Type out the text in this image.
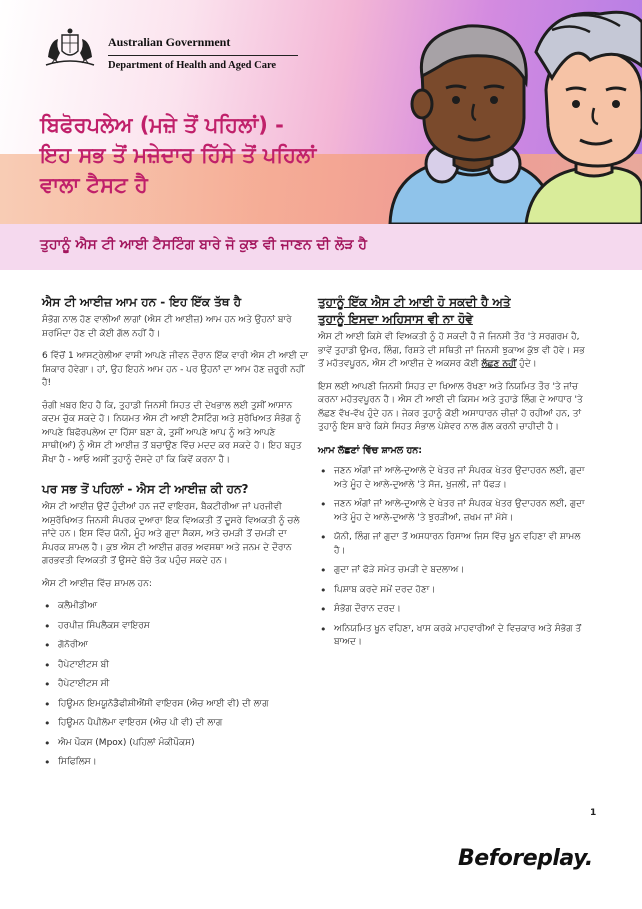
Australian Government
Department of Health and Aged Care
ਬਿਫੋਰਪਲੇਅ (ਮਜ਼ੇ ਤੋਂ ਪਹਿਲਾਂ) -
ਇਹ ਸਭ ਤੋਂ ਮਜ਼ੇਦਾਰ ਹਿੱਸੇ ਤੋਂ ਪਹਿਲਾਂ
ਵਾਲਾ ਟੈਸਟ ਹੈ
ਤੁਹਾਨੂੰ ਐਸ ਟੀ ਆਈ ਟੈਸਟਿੰਗ ਬਾਰੇ ਜੋ ਕੁਝ ਵੀ ਜਾਣਨ ਦੀ ਲੋੜ ਹੈ
ਐਸ ਟੀ ਆਈਜ਼ ਆਮ ਹਨ - ਇਹ ਇੱਕ ਤੱਥ ਹੈ
ਸੰਭੋਗ ਨਾਲ ਹੋਣ ਵਾਲੀਆਂ ਲਾਗਾਂ (ਐਸ ਟੀ ਆਈਜ਼) ਆਮ ਹਨ ਅਤੇ ਉਹਨਾਂ ਬਾਰੇ ਸ਼ਰਮਿੰਦਾ ਹੋਣ ਦੀ ਕੋਈ ਗੱਲ ਨਹੀਂ ਹੈ।
6 ਵਿੱਚੋਂ 1 ਆਸਟ੍ਰੇਲੀਆ ਵਾਸੀ ਆਪਣੇ ਜੀਵਨ ਦੌਰਾਨ ਇੱਕ ਵਾਰੀ ਐਸ ਟੀ ਆਈ ਦਾ ਸ਼ਿਕਾਰ ਹੋਵੇਗਾ। ਹਾਂ, ਉਹ ਇਹਨੇ ਆਮ ਹਨ - ਪਰ ਉਹਨਾਂ ਦਾ ਆਮ ਹੋਣ ਜ਼ਰੂਰੀ ਨਹੀਂ ਹੈ!
ਚੰਗੀ ਖ਼ਬਰ ਇਹ ਹੈ ਕਿ, ਤੁਹਾਡੀ ਜਿਨਸੀ ਸਿਹਤ ਦੀ ਦੇਖਭਾਲ ਲਈ ਤੁਸੀਂ ਆਸਾਨ ਕਦਮ ਚੁੱਕ ਸਕਦੇ ਹੋ। ਨਿਯਮਤ ਐਸ ਟੀ ਆਈ ਟੈਸਟਿੰਗ ਅਤੇ ਸੁਰੱਖਿਅਤ ਸੰਭੋਗ ਨੂੰ ਆਪਣੇ ਬਿਫੋਰਪਲੇਅ ਦਾ ਹਿੱਸਾ ਬਣਾ ਕੇ, ਤੁਸੀਂ ਆਪਣੇ ਆਪ ਨੂੰ ਅਤੇ ਆਪਣੇ ਸਾਥੀ(ਆਂ) ਨੂੰ ਐਸ ਟੀ ਆਈਜ਼ ਤੋਂ ਬਚਾਉਣ ਵਿੱਚ ਮਦਦ ਕਰ ਸਕਦੇ ਹੋ। ਇਹ ਬਹੁਤ ਸੌਖਾ ਹੈ - ਆਓ ਅਸੀਂ ਤੁਹਾਨੂੰ ਦੱਸਦੇ ਹਾਂ ਕਿ ਕਿਵੇਂ ਕਰਨਾ ਹੈ।
ਪਰ ਸਭ ਤੋਂ ਪਹਿਲਾਂ - ਐਸ ਟੀ ਆਈਜ਼ ਕੀ ਹਨ?
ਐਸ ਟੀ ਆਈਜ਼ ਉਦੋਂ ਹੁੰਦੀਆਂ ਹਨ ਜਦੋਂ ਵਾਇਰਸ, ਬੈਕਟੀਰੀਆ ਜਾਂ ਪਰਜੀਵੀ ਅਸੁਰੱਖਿਅਤ ਜਿਨਸੀ ਸੰਪਰਕ ਦੁਆਰਾ ਇਕ ਵਿਅਕਤੀ ਤੋਂ ਦੂਸਰੇ ਵਿਅਕਤੀ ਨੂੰ ਚਲੇ ਜਾਂਦੇ ਹਨ। ਇਸ ਵਿੱਚ ਯੋਨੀ, ਮੂੰਹ ਅਤੇ ਗੁਦਾ ਸੈਕਸ, ਅਤੇ ਚਮੜੀ ਤੋਂ ਚਮੜੀ ਦਾ ਸੰਪਰਕ ਸ਼ਾਮਲ ਹੈ। ਕੁਝ ਐਸ ਟੀ ਆਈਜ਼ ਗਰਭ ਅਵਸਥਾ ਅਤੇ ਜਨਮ ਦੇ ਦੌਰਾਨ ਗਰਭਵਤੀ ਵਿਅਕਤੀ ਤੋਂ ਉਸਦੇ ਬੱਚੇ ਤੱਕ ਪਹੁੰਚ ਸਕਦੇ ਹਨ।
ਐਸ ਟੀ ਆਈਜ਼ ਵਿੱਚ ਸ਼ਾਮਲ ਹਨ:
• ਕਲੈਮੀਡੀਆ
• ਹਰਪੀਜ਼ ਸਿੰਪਲੈਕਸ ਵਾਇਰਸ
• ਗੋਨੋਰੀਆ
• ਹੈਪੇਟਾਈਟਸ ਬੀ
• ਹੈਪੇਟਾਈਟਸ ਸੀ
• ਹਿਊਮਨ ਇਮਯੂਨੋਡੈਫੀਸ਼ੀਐਂਸੀ ਵਾਇਰਸ (ਐਚ ਆਈ ਵੀ) ਦੀ ਲਾਗ
• ਹਿਊਮਨ ਪੈਪੀਲੋਮਾ ਵਾਇਰਸ (ਐਚ ਪੀ ਵੀ) ਦੀ ਲਾਗ
• ਐਮ ਪੌਕਸ (Mpox) (ਪਹਿਲਾਂ ਮੰਕੀਪੌਕਸ)
• ਸਿਫਿਲਿਸ।
ਤੁਹਾਨੂੰ ਇੱਕ ਐਸ ਟੀ ਆਈ ਹੋ ਸਕਦੀ ਹੈ ਅਤੇ
ਤੁਹਾਨੂੰ ਇਸਦਾ ਅਹਿਸਾਸ ਵੀ ਨਾ ਹੋਵੇ
ਐਸ ਟੀ ਆਈ ਕਿਸੇ ਵੀ ਵਿਅਕਤੀ ਨੂੰ ਹੋ ਸਕਦੀ ਹੈ ਜੋ ਜਿਨਸੀ ਤੌਰ 'ਤੇ ਸਰਗਰਮ ਹੈ, ਭਾਵੇਂ ਤੁਹਾਡੀ ਉਮਰ, ਲਿੰਗ, ਰਿਸ਼ਤੇ ਦੀ ਸਥਿਤੀ ਜਾਂ ਜਿਨਸੀ ਝੁਕਾਅ ਕੁੱਝ ਵੀ ਹੋਵੇ। ਸਭ ਤੋਂ ਮਹੱਤਵਪੂਰਨ, ਐਸ ਟੀ ਆਈਜ਼ ਦੇ ਅਕਸਰ ਕੋਈ ਲੱਛਣ ਨਹੀਂ ਹੁੰਦੇ।
ਇਸ ਲਈ ਆਪਣੀ ਜਿਨਸੀ ਸਿਹਤ ਦਾ ਖਿਆਲ ਰੱਖਣਾ ਅਤੇ ਨਿਯਮਿਤ ਤੌਰ 'ਤੇ ਜਾਂਚ ਕਰਨਾ ਮਹੱਤਵਪੂਰਨ ਹੈ। ਐਸ ਟੀ ਆਈ ਦੀ ਕਿਸਮ ਅਤੇ ਤੁਹਾਡੇ ਲਿੰਗ ਦੇ ਆਧਾਰ 'ਤੇ ਲੱਛਣ ਵੱਖ-ਵੱਖ ਹੁੰਦੇ ਹਨ। ਜੇਕਰ ਤੁਹਾਨੂੰ ਕੋਈ ਅਸਾਧਾਰਨ ਚੀਜ਼ਾਂ ਹੋ ਰਹੀਆਂ ਹਨ, ਤਾਂ ਤੁਹਾਨੂੰ ਇਸ ਬਾਰੇ ਕਿਸੇ ਸਿਹਤ ਸੰਭਾਲ ਪੇਸ਼ੇਵਰ ਨਾਲ ਗੱਲ ਕਰਨੀ ਚਾਹੀਦੀ ਹੈ।
ਆਮ ਲੱਛਣਾਂ ਵਿੱਚ ਸ਼ਾਮਲ ਹਨ:
• ਜਣਨ ਅੰਗਾਂ ਜਾਂ ਆਲੇ-ਦੁਆਲੇ ਦੇ ਖੇਤਰ ਜਾਂ ਸੰਪਰਕ ਖੇਤਰ ਉਦਾਹਰਨ ਲਈ, ਗੁਦਾ ਅਤੇ ਮੂੰਹ ਦੇ ਆਲੇ-ਦੁਆਲੇ 'ਤੇ ਸੋਜ, ਖੁਜਲੀ, ਜਾਂ ਧੱਫੜ।
• ਜਣਨ ਅੰਗਾਂ ਜਾਂ ਆਲੇ-ਦੁਆਲੇ ਦੇ ਖੇਤਰ ਜਾਂ ਸੰਪਰਕ ਖੇਤਰ ਉਦਾਹਰਨ ਲਈ, ਗੁਦਾ ਅਤੇ ਮੂੰਹ ਦੇ ਆਲੇ-ਦੁਆਲੇ 'ਤੇ ਝੁਰੜੀਆਂ, ਜ਼ਖਮ ਜਾਂ ਮੱਸੇ।
• ਯੋਨੀ, ਲਿੰਗ ਜਾਂ ਗੁਦਾ ਤੋਂ ਅਸਧਾਰਨ ਰਿਸਾਅ ਜਿਸ ਵਿੱਚ ਖੂਨ ਵਹਿਣਾ ਵੀ ਸ਼ਾਮਲ ਹੈ।
• ਗੁਦਾ ਜਾਂ ਫੋੜੇ ਸਮੇਤ ਚਮੜੀ ਦੇ ਬਦਲਾਅ।
• ਪਿਸ਼ਾਬ ਕਰਦੇ ਸਮੇਂ ਦਰਦ ਹੋਣਾ।
• ਸੰਭੋਗ ਦੌਰਾਨ ਦਰਦ।
• ਅਨਿਯਮਿਤ ਖੂਨ ਵਹਿਣਾ, ਖਾਸ ਕਰਕੇ ਮਾਹਵਾਰੀਆਂ ਦੇ ਵਿਚਕਾਰ ਅਤੇ ਸੰਭੋਗ ਤੋਂ ਬਾਅਦ।
1
Beforeplay.
